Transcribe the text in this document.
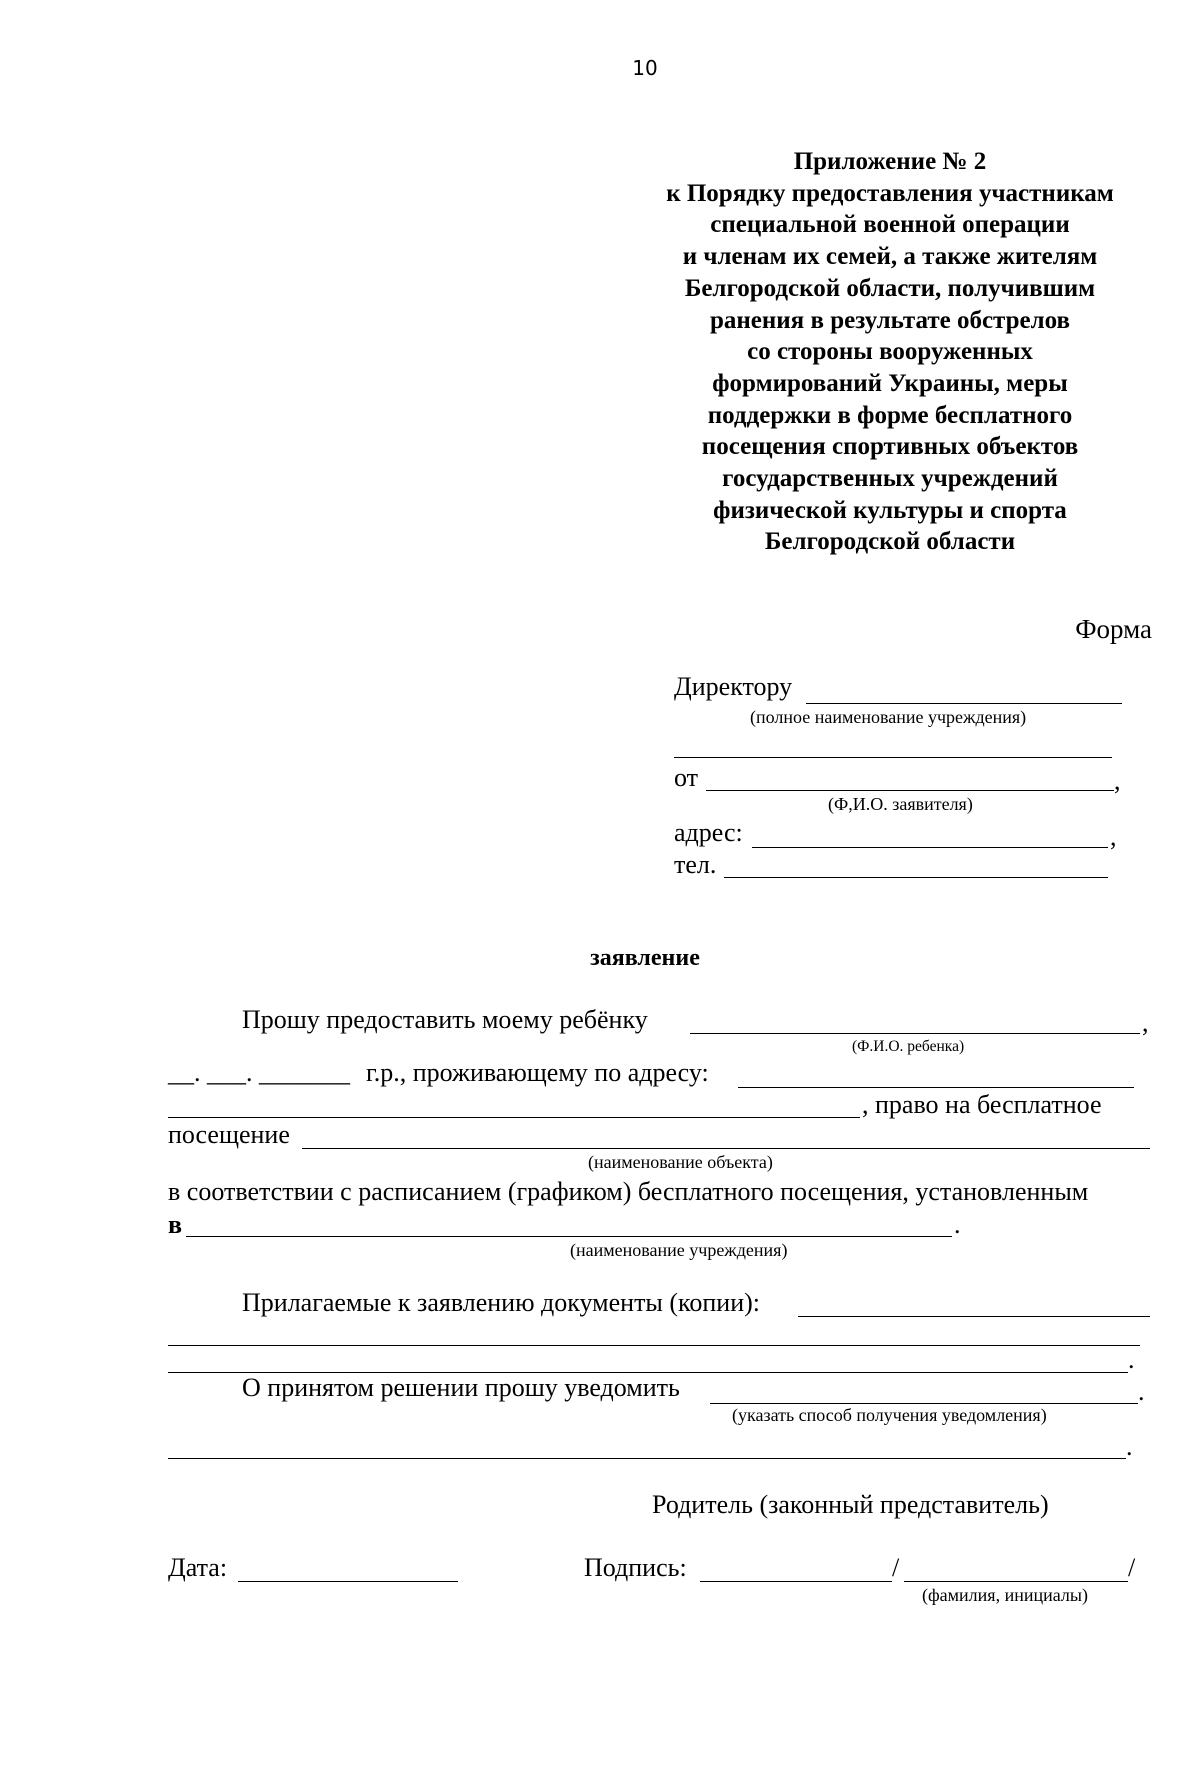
10
Приложение № 2
к Порядку предоставления участникам
специальной военной операции
и членам их семей, а также жителям
Белгородской области, получившим
ранения в результате обстрелов
со стороны вооруженных
формирований Украины, меры
поддержки в форме бесплатного
посещения спортивных объектов
государственных учреждений
физической культуры и спорта
Белгородской области
Форма
Директору
(полное наименование учреждения)
от	,
(Ф,И.О. заявителя)
адрес:	,
тел.
заявление
Прошу предоставить моему ребёнку	,
(Ф.И.О. ребенка)
__. ___. _______ г.р., проживающему по адресу:
, право на бесплатное
посещение
(наименование объекта)
в соответствии с расписанием (графиком) бесплатного посещения, установленным
в	.
(наименование учреждения)
Прилагаемые к заявлению документы (копии):
.
О принятом решении прошу уведомить	.
(указать способ получения уведомления)
.
Родитель (законный представитель)
Дата:	Подпись:	/	/
(фамилия, инициалы)
